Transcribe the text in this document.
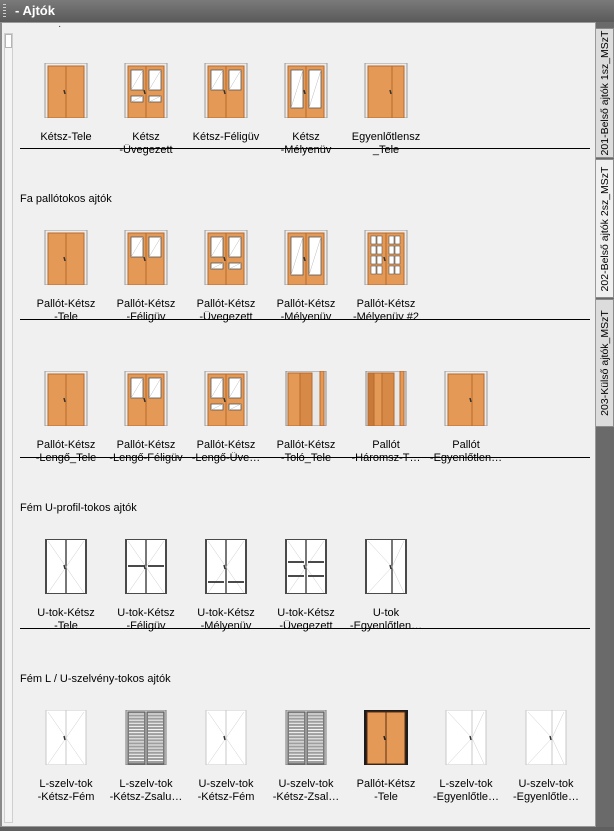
- Ajtók
·
Kétsz-Tele	Kétsz
-Üvegezett
Kétsz-Féligüv	Kétsz
-Mélyenüv
Egyenlőtlensz
_Tele
Fa pallótokos ajtók
Pallót-Kétsz
-Tele
Pallót-Kétsz
-Féligüv
Pallót-Kétsz
-Üvegezett
Pallót-Kétsz
-Mélyenüv
Pallót-Kétsz
-Mélyenüv #2
Pallót-Kétsz
-Lengő_Tele
Pallót-Kétsz
-Lengő-Féligüv
Pallót-Kétsz
-Lengő-Üve…
Pallót-Kétsz
-Toló_Tele
Pallót
-Háromsz-T…
Pallót
-Egyenlőtlen…
Fém U-profil-tokos ajtók
U-tok-Kétsz
-Tele
U-tok-Kétsz
-Féligüv
U-tok-Kétsz
-Mélyenüv
U-tok-Kétsz
-Üvegezett
U-tok
-Egyenlőtlen…
Fém L / U-szelvény-tokos ajtók
L-szelv-tok
-Kétsz-Fém
L-szelv-tok
-Kétsz-Zsalu…
U-szelv-tok
-Kétsz-Fém
U-szelv-tok
-Kétsz-Zsal…
Pallót-Kétsz
-Tele
L-szelv-tok
-Egyenlőtle…
U-szelv-tok
-Egyenlőtle…
201-Belső ajtók 1sz_MSzT
202-Belső ajtók 2sz_MSzT
203-Külső ajtók_MSzT
